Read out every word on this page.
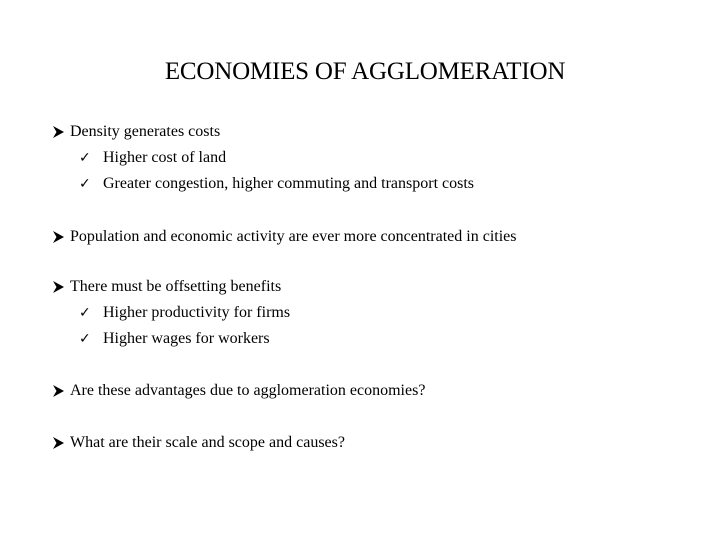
ECONOMIES OF AGGLOMERATION
Density generates costs
✓ Higher cost of land
✓ Greater congestion, higher commuting and transport costs
Population and economic activity are ever more concentrated in cities
There must be offsetting benefits
✓ Higher productivity for firms
✓ Higher wages for workers
Are these advantages due to agglomeration economies?
What are their scale and scope and causes?
